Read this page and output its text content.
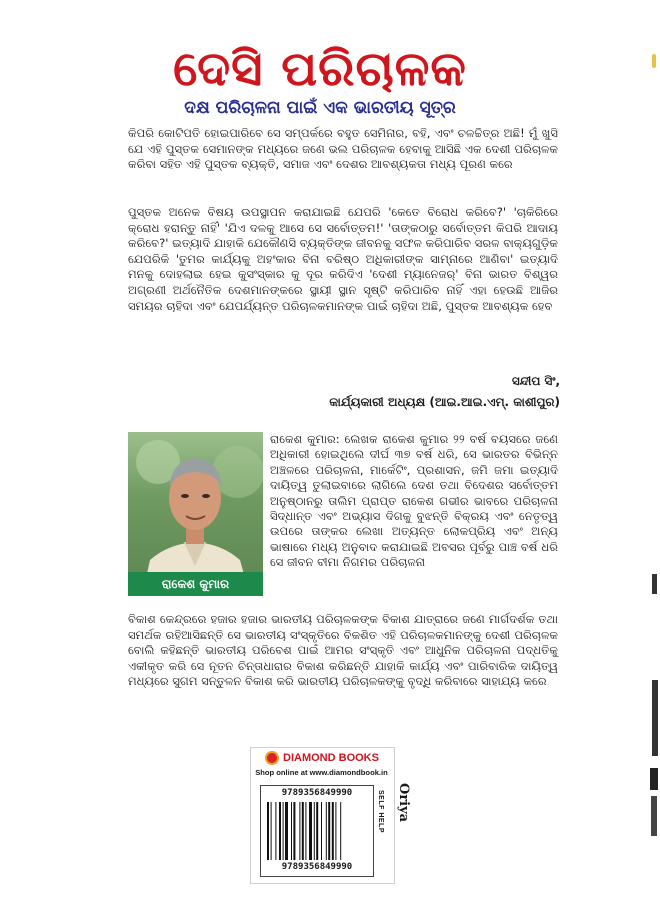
ଦେସି ପରିଚାଳକ
ଦକ୍ଷ ପରିଚାଳନା ପାଇଁ ଏକ ଭାରତୀୟ ସୂତ୍ର
କିପରି କୋଟିପତି ହୋଇପାରିବେ ସେ ସମ୍ପର୍କରେ ବହୁତ ସେମିନାର, ବହି, ଏବଂ ଚଳଚ୍ଚିତ୍ର ଅଛି! ମୁଁ ଖୁସି ଯେ ଏହି ପୁସ୍ତକ ସେମାନଙ୍କ ମଧ୍ୟରେ ଜଣେ ଭଲ ପରିଚାଳକ ହେବାକୁ ଆସିଛି ଏକ ଦେଶୀ ପରିଚାଳକ କରିବା ସହିତ ଏହି ପୁସ୍ତକ ବ୍ୟକ୍ତି, ସମାଜ ଏବଂ ଦେଶର ଆବଶ୍ୟକତା ମଧ୍ୟ ପୂରଣ କରେ
ପୁସ୍ତକ ଅନେକ ବିଷୟ ଉପସ୍ଥାପନ କରାଯାଇଛି ଯେପରି 'କେତେ ବିରୋଧ କରିବେ?' 'ଚାକିରିରେ କ୍ରୋଧ ହରାନ୍ତୁ ନାହିଁ' 'ଯିଏ ଦଳକୁ ଆସେ ସେ ସର୍ବୋତ୍ତମ!' 'ତାଙ୍କଠାରୁ ସର୍ବୋତ୍ତମ କିପରି ଆଦାୟ କରିବେ?' ଇତ୍ୟାଦି ଯାହାକି ଯେକୌଣସି ବ୍ୟକ୍ତିଙ୍କ ଜୀବନକୁ ସଫଳ କରିପାରିବ ସରଳ ବାକ୍ୟଗୁଡ଼ିକ ଯେପରିକି 'ତୁମର କାର୍ଯ୍ୟକୁ ଅହଂକାର ବିନା ବରିଷ୍ଠ ଅଧିକାରୀଙ୍କ ସାମ୍ନାରେ ଆଣିବା' ଇତ୍ୟାଦି ମନକୁ ଦୋହଲାଇ ହେଇ କୁସଂସ୍କାର କୁ ଦୂର କରିଦିଏ 'ଦେଶୀ ମ୍ୟାନେଜର୍' ବିନା ଭାରତ ବିଶ୍ୱର ଅଗ୍ରଣୀ ଅର୍ଥନୈତିକ ଦେଶମାନଙ୍କରେ ସ୍ଥାୟୀ ସ୍ଥାନ ସୃଷ୍ଟି କରିପାରିବ ନାହିଁ ଏହା ହେଉଛି ଆଜିର ସମୟର ଚାହିଦା ଏବଂ ଯେପର୍ଯ୍ୟନ୍ତ ପରିଚାଳକମାନଙ୍କ ପାଇଁ ଚାହିଦା ଅଛି, ପୁସ୍ତକ ଆବଶ୍ୟକ ହେବ
ସନ୍ଦୀପ ସିଂ,
କାର୍ଯ୍ୟକାରୀ ଅଧ୍ୟକ୍ଷ (ଆଇ.ଆଇ.ଏମ୍. କାଶୀପୁର)
ରାକେଶ କୁମାର
ରାକେଶ କୁମାର: ଲେଖକ ରାକେଶ କୁମାର ୨୨ ବର୍ଷ ବୟସରେ ଜଣେ ଅଧିକାରୀ ହୋଇଥିଲେ ଦୀର୍ଘ ୩୭ ବର୍ଷ ଧରି, ସେ ଭାରତର ବିଭିନ୍ନ ଅଞ୍ଚଳରେ ପରିଚାଳନା, ମାର୍କେଟିଂ, ପ୍ରଶାସନ, ଜମି ଜମା ଇତ୍ୟାଦି ଦାୟିତ୍ୱ ତୁଲାଇବାରେ ଲାଗିଲେ ଦେଶ ତଥା ବିଦେଶର ସର୍ବୋତ୍ତମ ଅନୁଷ୍ଠାନରୁ ତାଲିମ ପ୍ରାପ୍ତ ରାକେଶ ଗଭୀର ଭାବରେ ପରିଚାଳନା ସିଦ୍ଧାନ୍ତ ଏବଂ ଅଭ୍ୟାସ ଦିଗକୁ ବୁଝନ୍ତି ବିକ୍ରୟ ଏବଂ ନେତୃତ୍ୱ ଉପରେ ତାଙ୍କର ଲେଖା ଅତ୍ୟନ୍ତ ଲୋକପ୍ରିୟ ଏବଂ ଅନ୍ୟ ଭାଷାରେ ମଧ୍ୟ ଅନୁବାଦ କରାଯାଇଛି ଅବସର ପୂର୍ବରୁ ପାଞ୍ଚ ବର୍ଷ ଧରି ସେ ଜୀବନ ବୀମା ନିଗମର ପରିଚାଳନା
ବିକାଶ କେନ୍ଦ୍ରରେ ହଜାର ହଜାର ଭାରତୀୟ ପରିଚାଳକଙ୍କ ବିକାଶ ଯାତ୍ରାରେ ଜଣେ ମାର୍ଗଦର୍ଶକ ତଥା ସମର୍ଥକ ରହିଆସିଛନ୍ତି ସେ ଭାରତୀୟ ସଂସ୍କୃତିରେ ବିକଶିତ ଏହି ପରିଚାଳକମାନଙ୍କୁ ଦେଶୀ ପରିଚାଳକ ବୋଲି କହିଛନ୍ତି ଭାରତୀୟ ପରିବେଶ ପାଇଁ ଆମର ସଂସ୍କୃତି ଏବଂ ଆଧୁନିକ ପରିଚାଳନା ପଦ୍ଧତିକୁ ଏକୀକୃତ କରି ସେ ନୂତନ ଚିନ୍ତାଧାରାର ବିକାଶ କରିଛନ୍ତି ଯାହାକି କାର୍ଯ୍ୟ ଏବଂ ପାରିବାରିକ ଦାୟିତ୍ୱ ମଧ୍ୟରେ ସୁଗମ ସନ୍ତୁଳନ ବିକାଶ କରି ଭାରତୀୟ ପରିଚାଳକଙ୍କୁ ବୃଦ୍ଧି କରିବାରେ ସାହାଯ୍ୟ କରେ
DIAMOND BOOKS
Shop online at www.diamondbook.in
9789356849990
9789356849990
SELF HELP Oriya
